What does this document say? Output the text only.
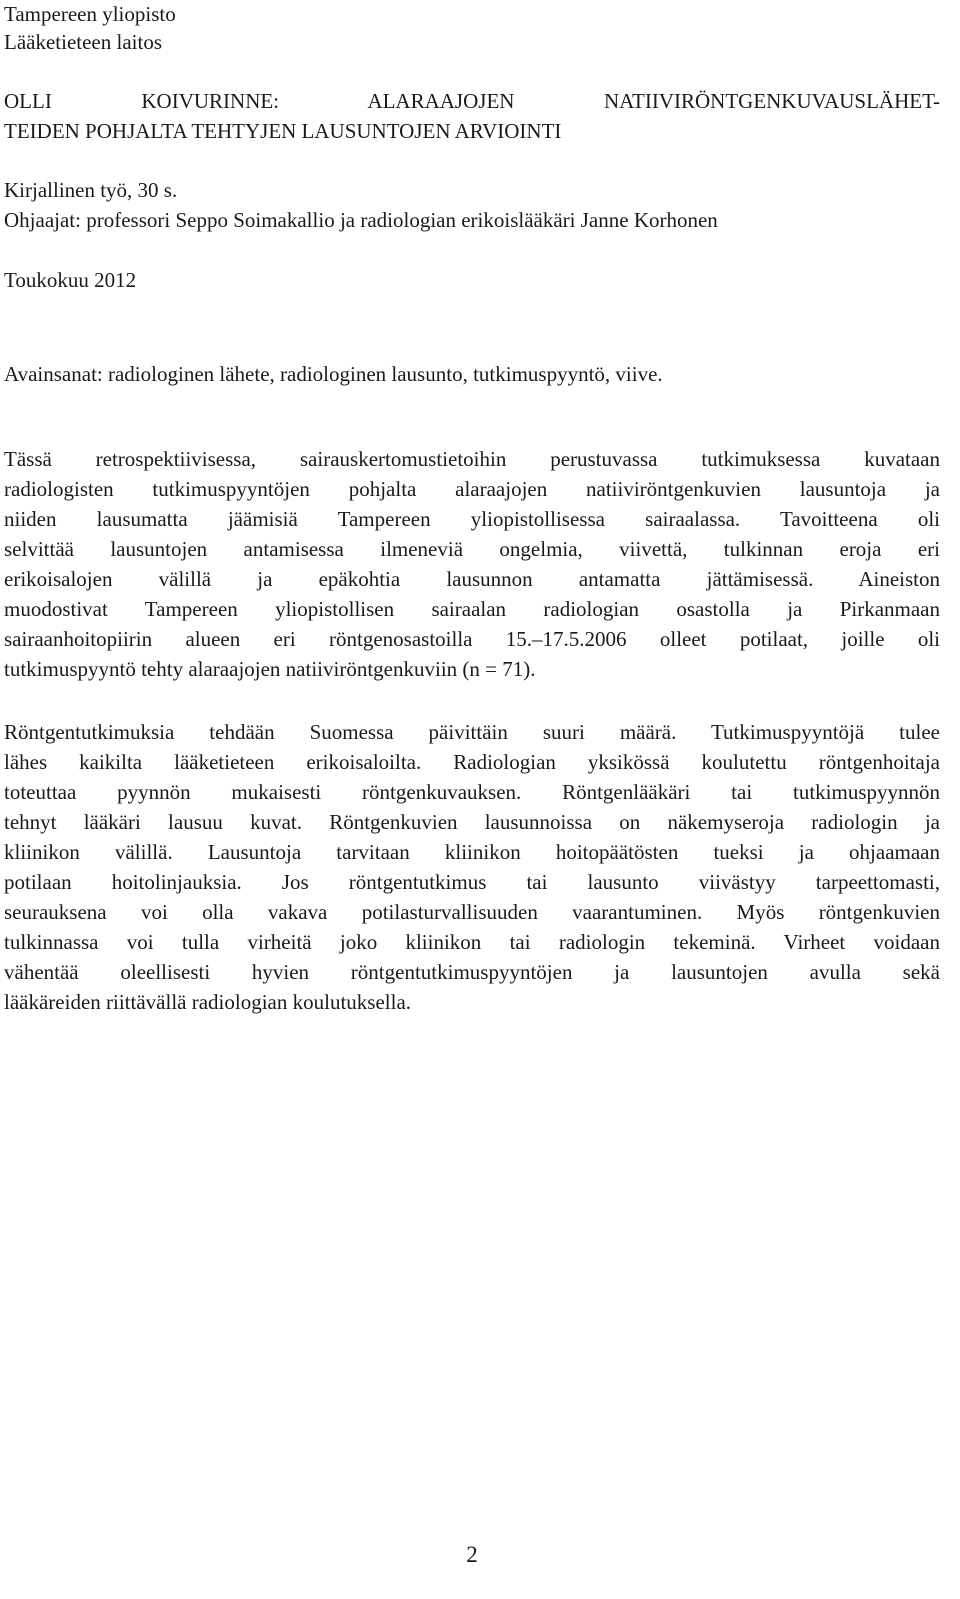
Tampereen yliopisto
Lääketieteen laitos
OLLI KOIVURINNE: ALARAAJOJEN NATIIVIRÖNTGENKUVAUSLÄHET-
TEIDEN POHJALTA TEHTYJEN LAUSUNTOJEN ARVIOINTI
Kirjallinen työ, 30 s.
Ohjaajat: professori Seppo Soimakallio ja radiologian erikoislääkäri Janne Korhonen
Toukokuu 2012
Avainsanat: radiologinen lähete, radiologinen lausunto, tutkimuspyyntö, viive.
Tässä retrospektiivisessa, sairauskertomustietoihin perustuvassa tutkimuksessa kuvataan
radiologisten tutkimuspyyntöjen pohjalta alaraajojen natiiviröntgenkuvien lausuntoja ja
niiden lausumatta jäämisiä Tampereen yliopistollisessa sairaalassa. Tavoitteena oli
selvittää lausuntojen antamisessa ilmeneviä ongelmia, viivettä, tulkinnan eroja eri
erikoisalojen välillä ja epäkohtia lausunnon antamatta jättämisessä. Aineiston
muodostivat Tampereen yliopistollisen sairaalan radiologian osastolla ja Pirkanmaan
sairaanhoitopiirin alueen eri röntgenosastoilla 15.–17.5.2006 olleet potilaat, joille oli
tutkimuspyyntö tehty alaraajojen natiiviröntgenkuviin (n = 71).
Röntgentutkimuksia tehdään Suomessa päivittäin suuri määrä. Tutkimuspyyntöjä tulee
lähes kaikilta lääketieteen erikoisaloilta. Radiologian yksikössä koulutettu röntgenhoitaja
toteuttaa pyynnön mukaisesti röntgenkuvauksen. Röntgenlääkäri tai tutkimuspyynnön
tehnyt lääkäri lausuu kuvat. Röntgenkuvien lausunnoissa on näkemyseroja radiologin ja
kliinikon välillä. Lausuntoja tarvitaan kliinikon hoitopäätösten tueksi ja ohjaamaan
potilaan hoitolinjauksia. Jos röntgentutkimus tai lausunto viivästyy tarpeettomasti,
seurauksena voi olla vakava potilasturvallisuuden vaarantuminen. Myös röntgenkuvien
tulkinnassa voi tulla virheitä joko kliinikon tai radiologin tekeminä. Virheet voidaan
vähentää oleellisesti hyvien röntgentutkimuspyyntöjen ja lausuntojen avulla sekä
lääkäreiden riittävällä radiologian koulutuksella.
2
